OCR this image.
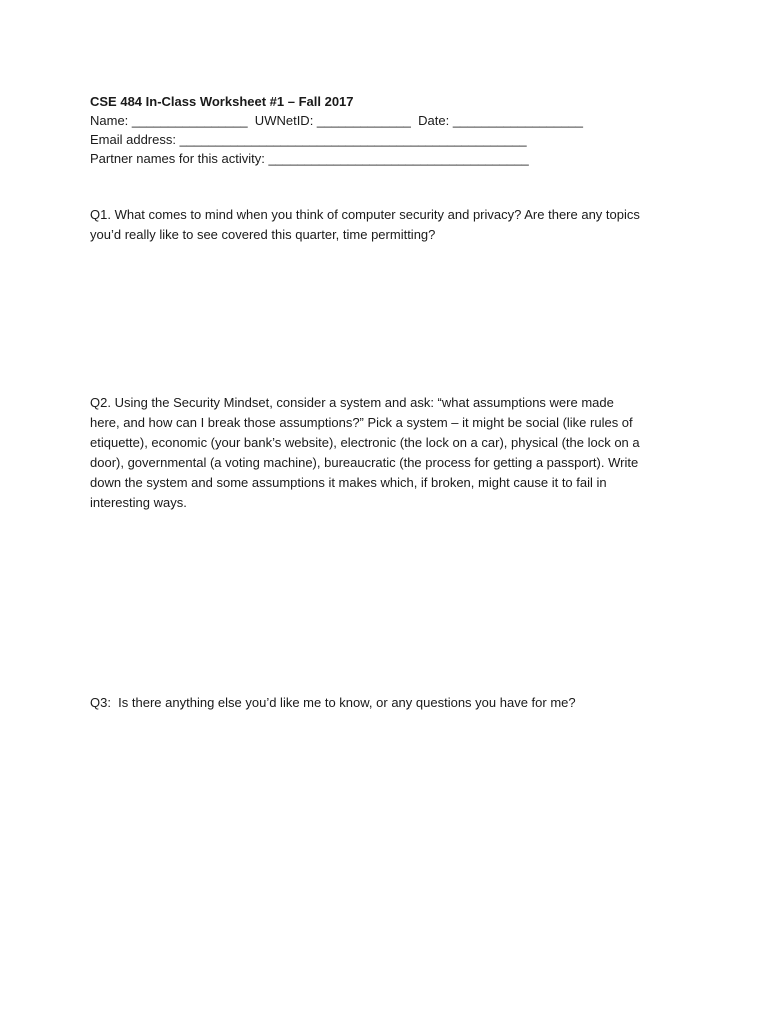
CSE 484 In-Class Worksheet #1 – Fall 2017
Name: ________________  UWNetID: _____________  Date: __________________
Email address: ________________________________________________
Partner names for this activity: ____________________________________
Q1. What comes to mind when you think of computer security and privacy? Are there any topics
you’d really like to see covered this quarter, time permitting?
Q2. Using the Security Mindset, consider a system and ask: “what assumptions were made
here, and how can I break those assumptions?” Pick a system – it might be social (like rules of
etiquette), economic (your bank’s website), electronic (the lock on a car), physical (the lock on a
door), governmental (a voting machine), bureaucratic (the process for getting a passport). Write
down the system and some assumptions it makes which, if broken, might cause it to fail in
interesting ways.
Q3:  Is there anything else you’d like me to know, or any questions you have for me?
